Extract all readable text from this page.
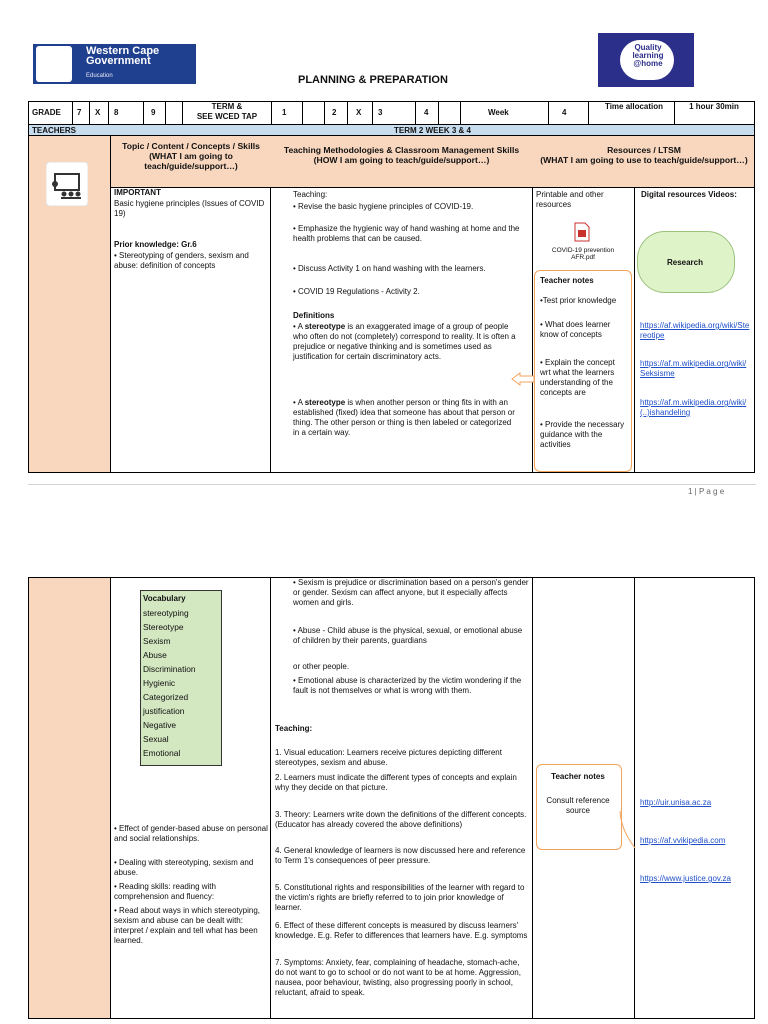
Western Cape
Government
Education
Quality
learning
@home
PLANNING & PREPARATION
GRADE 7 X 8	9
TERM &
SEE WCED TAP	1	2 X 3	4	Week	4
Time allocation	1 hour 30min
TEACHERS	TERM 2 WEEK 3 & 4
Topic / Content / Concepts / Skills
(WHAT I am going to teach/guide/support…)
Teaching Methodologies & Classroom Management Skills
(HOW I am going to teach/guide/support…)
Resources / LTSM
(WHAT I am going to use to teach/guide/support…)
IMPORTANT
Basic hygiene principles (Issues of COVID 19)
Prior knowledge: Gr.6
• Stereotyping of genders, sexism and abuse: definition of concepts
Teaching:
• Revise the basic hygiene principles of COVID-19.
• Emphasize the hygienic way of hand washing at home and the health problems that can be caused.
• Discuss Activity 1 on hand washing with the learners.
• COVID 19 Regulations - Activity 2.
Definitions
• A stereotype is an exaggerated image of a group of people who often do not (completely) correspond to reality. It is often a prejudice or negative thinking and is sometimes used as justification for certain discriminatory acts.
• A stereotype is when another person or thing fits in with an established (fixed) idea that someone has about that person or thing. The other person or thing is then labeled or categorized in a certain way.
Printable and other resources
COVID-19 prevention AFR.pdf
Teacher notes
•Test prior knowledge
• What does learner know of concepts
• Explain the concept wrt what the learners understanding of the concepts are
• Provide the necessary guidance with the activities
Digital resources Videos:
Research
https://af.wikipedia.org/wiki/Stereotipe
https://af.m.wikipedia.org/wiki/Seksisme
https://af.m.wikipedia.org/wiki/(..)ishandeling
1 | P a g e
Vocabulary
stereotyping
Stereotype
Sexism
Abuse
Discrimination
Hygienic
Categorized
justification
Negative
Sexual
Emotional
• Effect of gender-based abuse on personal and social relationships.
• Dealing with stereotyping, sexism and abuse.
• Reading skills: reading with comprehension and fluency:
• Read about ways in which stereotyping, sexism and abuse can be dealt with: interpret / explain and tell what has been learned.
• Sexism is prejudice or discrimination based on a person's gender or gender. Sexism can affect anyone, but it especially affects women and girls.
• Abuse - Child abuse is the physical, sexual, or emotional abuse of children by their parents, guardians
or other people.
• Emotional abuse is characterized by the victim wondering if the fault is not themselves or what is wrong with them.
Teaching:
1. Visual education: Learners receive pictures depicting different stereotypes, sexism and abuse.
2. Learners must indicate the different types of concepts and explain why they decide on that picture.
3. Theory: Learners write down the definitions of the different concepts. (Educator has already covered the above definitions)
4. General knowledge of learners is now discussed here and reference to Term 1's consequences of peer pressure.
5. Constitutional rights and responsibilities of the learner with regard to the victim's rights are briefly referred to to join prior knowledge of learner.
6. Effect of these different concepts is measured by discuss learners' knowledge. E.g. Refer to differences that learners have. E.g. symptoms
7. Symptoms: Anxiety, fear, complaining of headache, stomach-ache, do not want to go to school or do not want to be at home. Aggression, nausea, poor behaviour, twisting, also progressing poorly in school, reluctant, afraid to speak.
Teacher notes
Consult reference source
http://uir.unisa.ac.za
https://af.vvikipedia.com
https://www.justice.gov.za
